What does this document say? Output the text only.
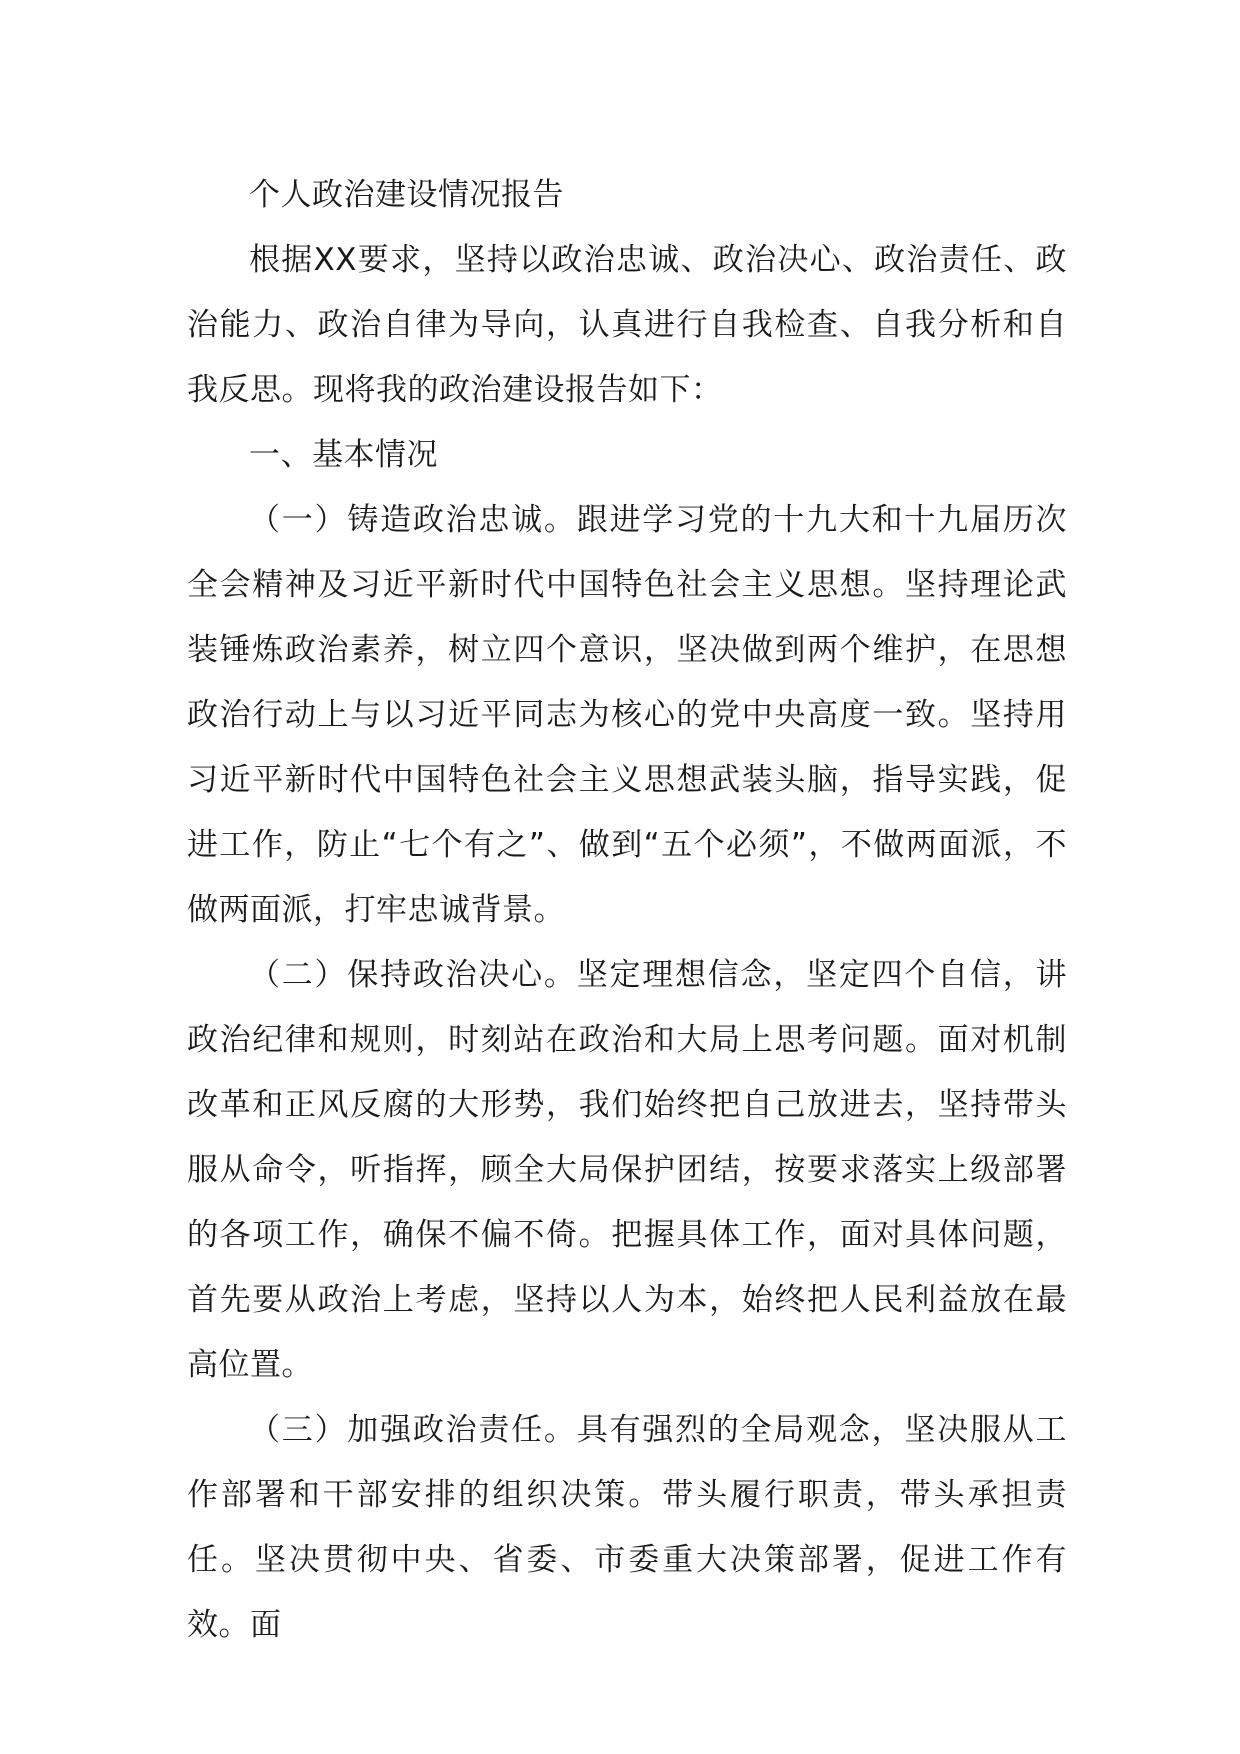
个人政治建设情况报告

根据XX要求，坚持以政治忠诚、政治决心、政治责任、政治能力、政治自律为导向，认真进行自我检查、自我分析和自我反思。现将我的政治建设报告如下：

一、基本情况

（一）铸造政治忠诚。跟进学习党的十九大和十九届历次全会精神及习近平新时代中国特色社会主义思想。坚持理论武装锤炼政治素养，树立四个意识，坚决做到两个维护，在思想政治行动上与以习近平同志为核心的党中央高度一致。坚持用习近平新时代中国特色社会主义思想武装头脑，指导实践，促进工作，防止“七个有之”、做到“五个必须”，不做两面派，不做两面派，打牢忠诚背景。

（二）保持政治决心。坚定理想信念，坚定四个自信，讲政治纪律和规则，时刻站在政治和大局上思考问题。面对机制改革和正风反腐的大形势，我们始终把自己放进去，坚持带头服从命令，听指挥，顾全大局保护团结，按要求落实上级部署的各项工作，确保不偏不倚。把握具体工作，面对具体问题，首先要从政治上考虑，坚持以人为本，始终把人民利益放在最高位置。

（三）加强政治责任。具有强烈的全局观念，坚决服从工作部署和干部安排的组织决策。带头履行职责，带头承担责任。坚决贯彻中央、省委、市委重大决策部署，促进工作有效。面
